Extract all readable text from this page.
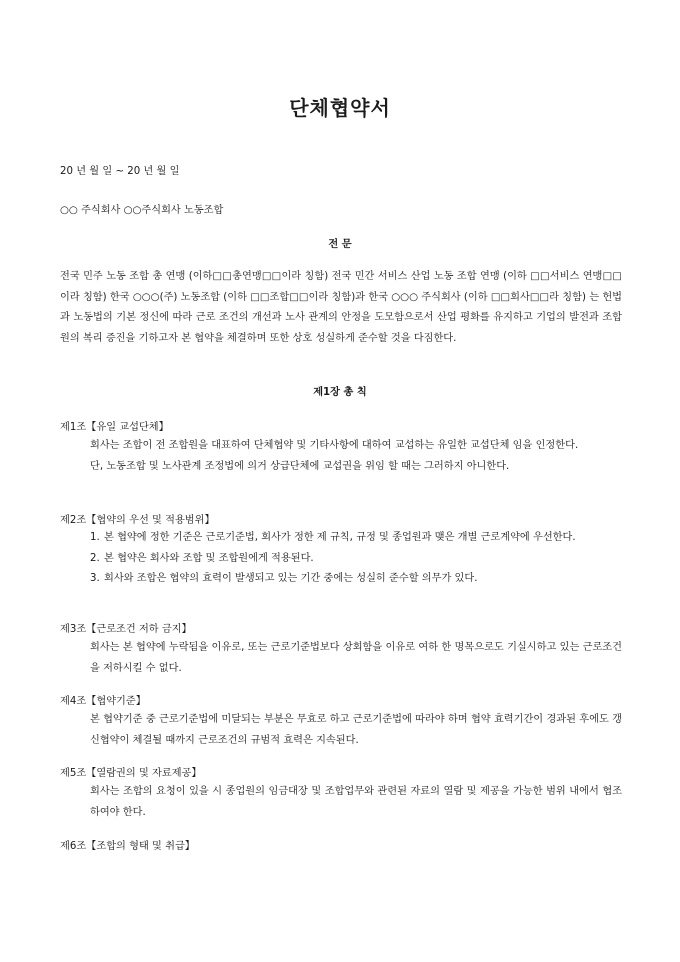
단체협약서
20 년 월 일 ~ 20 년 월 일
○○ 주식회사 ○○주식회사 노동조합
전 문
전국 민주 노동 조합 총 연맹 (이하□□총연맹□□이라 칭함) 전국 민간 서비스 산업 노동 조합 연맹 (이하 □□서비스 연맹□□이라 칭함) 한국 ○○○(주) 노동조합 (이하 □□조합□□이라 칭함)과 한국 ○○○ 주식회사 (이하 □□회사□□라 칭함) 는 헌법과 노동법의 기본 정신에 따라 근로 조건의 개선과 노사 관계의 안정을 도모함으로서 산업 평화를 유지하고 기업의 발전과 조합원의 복리 증진을 기하고자 본 협약을 체결하며 또한 상호 성실하게 준수할 것을 다짐한다.
제1장 총 칙
제1조【유일 교섭단체】

회사는 조합이 전 조합원을 대표하여 단체협약 및 기타사항에 대하여 교섭하는 유일한 교섭단체 임을 인정한다.

단, 노동조합 및 노사관계 조정법에 의거 상급단체에 교섭권을 위임 할 때는 그러하지 아니한다.

제2조【협약의 우선 및 적용범위】
1. 본 협약에 정한 기준은 근로기준법, 회사가 정한 제 규칙, 규정 및 종업원과 맺은 개별 근로계약에 우선한다.
2. 본 협약은 회사와 조합 및 조합원에게 적용된다.
3. 회사와 조합은 협약의 효력이 발생되고 있는 기간 중에는 성실히 준수할 의무가 있다.
제3조【근로조건 저하 금지】

회사는 본 협약에 누락됨을 이유로, 또는 근로기준법보다 상회함을 이유로 여하 한 명목으로도 기실시하고 있는 근로조건을 저하시킬 수 없다.

제4조【협약기준】

본 협약기준 중 근로기준법에 미달되는 부분은 무효로 하고 근로기준법에 따라야 하며 협약 효력기간이 경과된 후에도 갱신협약이 체결될 때까지 근로조건의 규범적 효력은 지속된다.

제5조【열람권의 및 자료제공】

회사는 조합의 요청이 있을 시 종업원의 임금대장 및 조합업무와 관련된 자료의 열람 및 제공을 가능한 범위 내에서 협조하여야 한다.

제6조【조합의 형태 및 취급】
